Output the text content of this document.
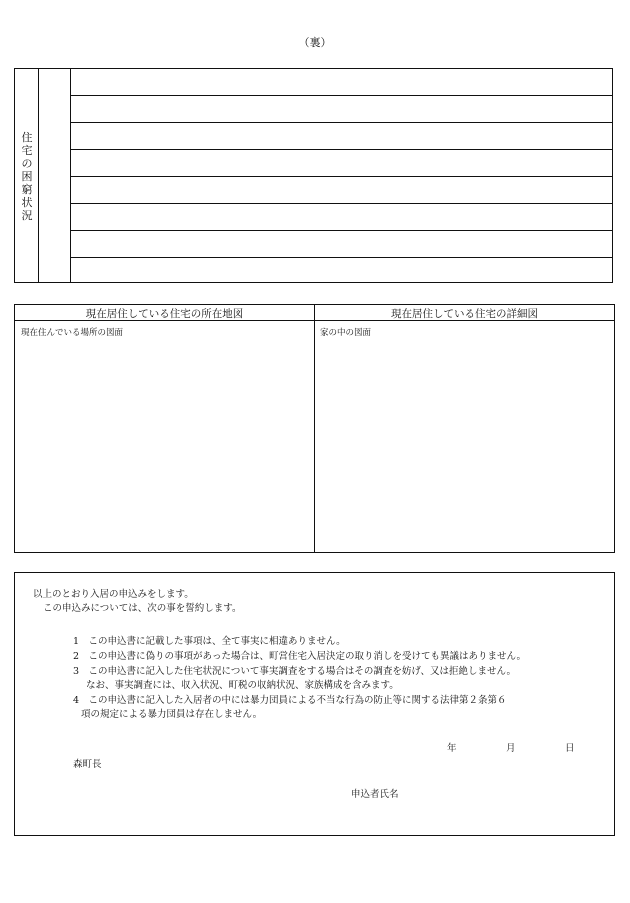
（裏）
住
宅
の
困
窮
状
況
現在居住している住宅の所在地図	現在居住している住宅の詳細図
現在住んでいる場所の図面	家の中の図面
以上のとおり入居の申込みをします。
この申込みについては、次の事を誓約します。
1　この申込書に記載した事項は、全て事実に相違ありません。
2　この申込書に偽りの事項があった場合は、町営住宅入居決定の取り消しを受けても異議はありません。
3　この申込書に記入した住宅状況について事実調査をする場合はその調査を妨げ、又は拒絶しません。
なお、事実調査には、収入状況、町税の収納状況、家族構成を含みます。
4　この申込書に記入した入居者の中には暴力団員による不当な行為の防止等に関する法律第２条第６
項の規定による暴力団員は存在しません。
年	月	日
森町長
申込者氏名
